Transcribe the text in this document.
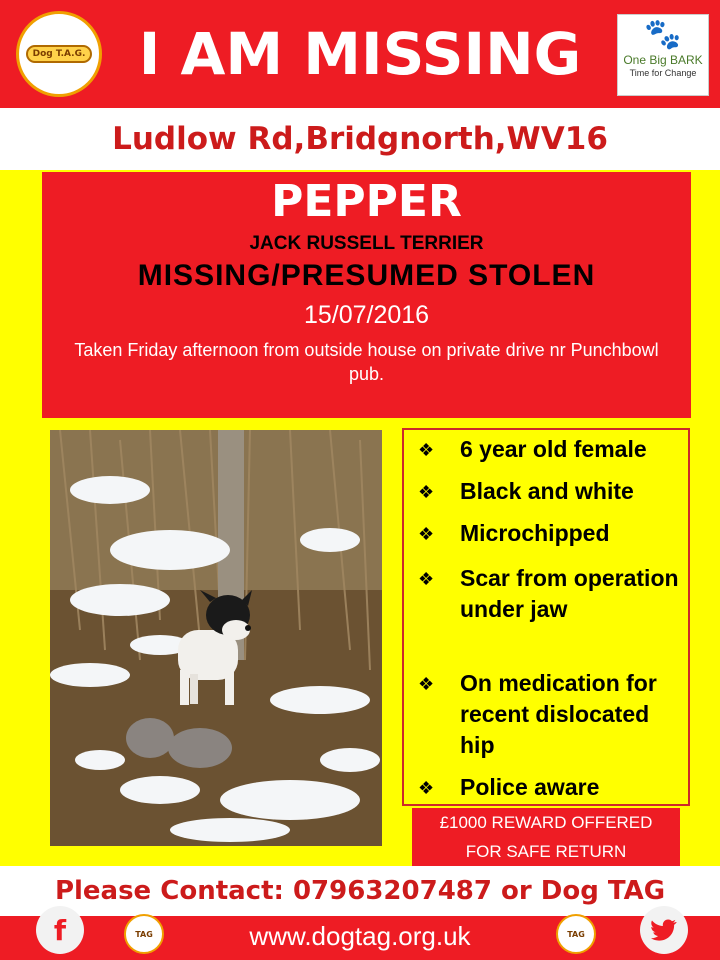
Dog T.A.G. I AM MISSING	🐾
One Big BARK
Time for Change
Ludlow Rd,Bridgnorth,WV16
PEPPER
JACK RUSSELL TERRIER
MISSING/PRESUMED STOLEN
15/07/2016
Taken Friday afternoon from outside house on private drive nr Punchbowl pub.
❖	6 year old female
❖	Black and white
❖	Microchipped
❖	Scar from operation under jaw
❖	On medication for recent dislocated hip
❖	Police aware
£1000 REWARD OFFERED
FOR SAFE RETURN
Please Contact: 07963207487 or Dog TAG
www.dogtag.org.uk
f	TAG	TAG
